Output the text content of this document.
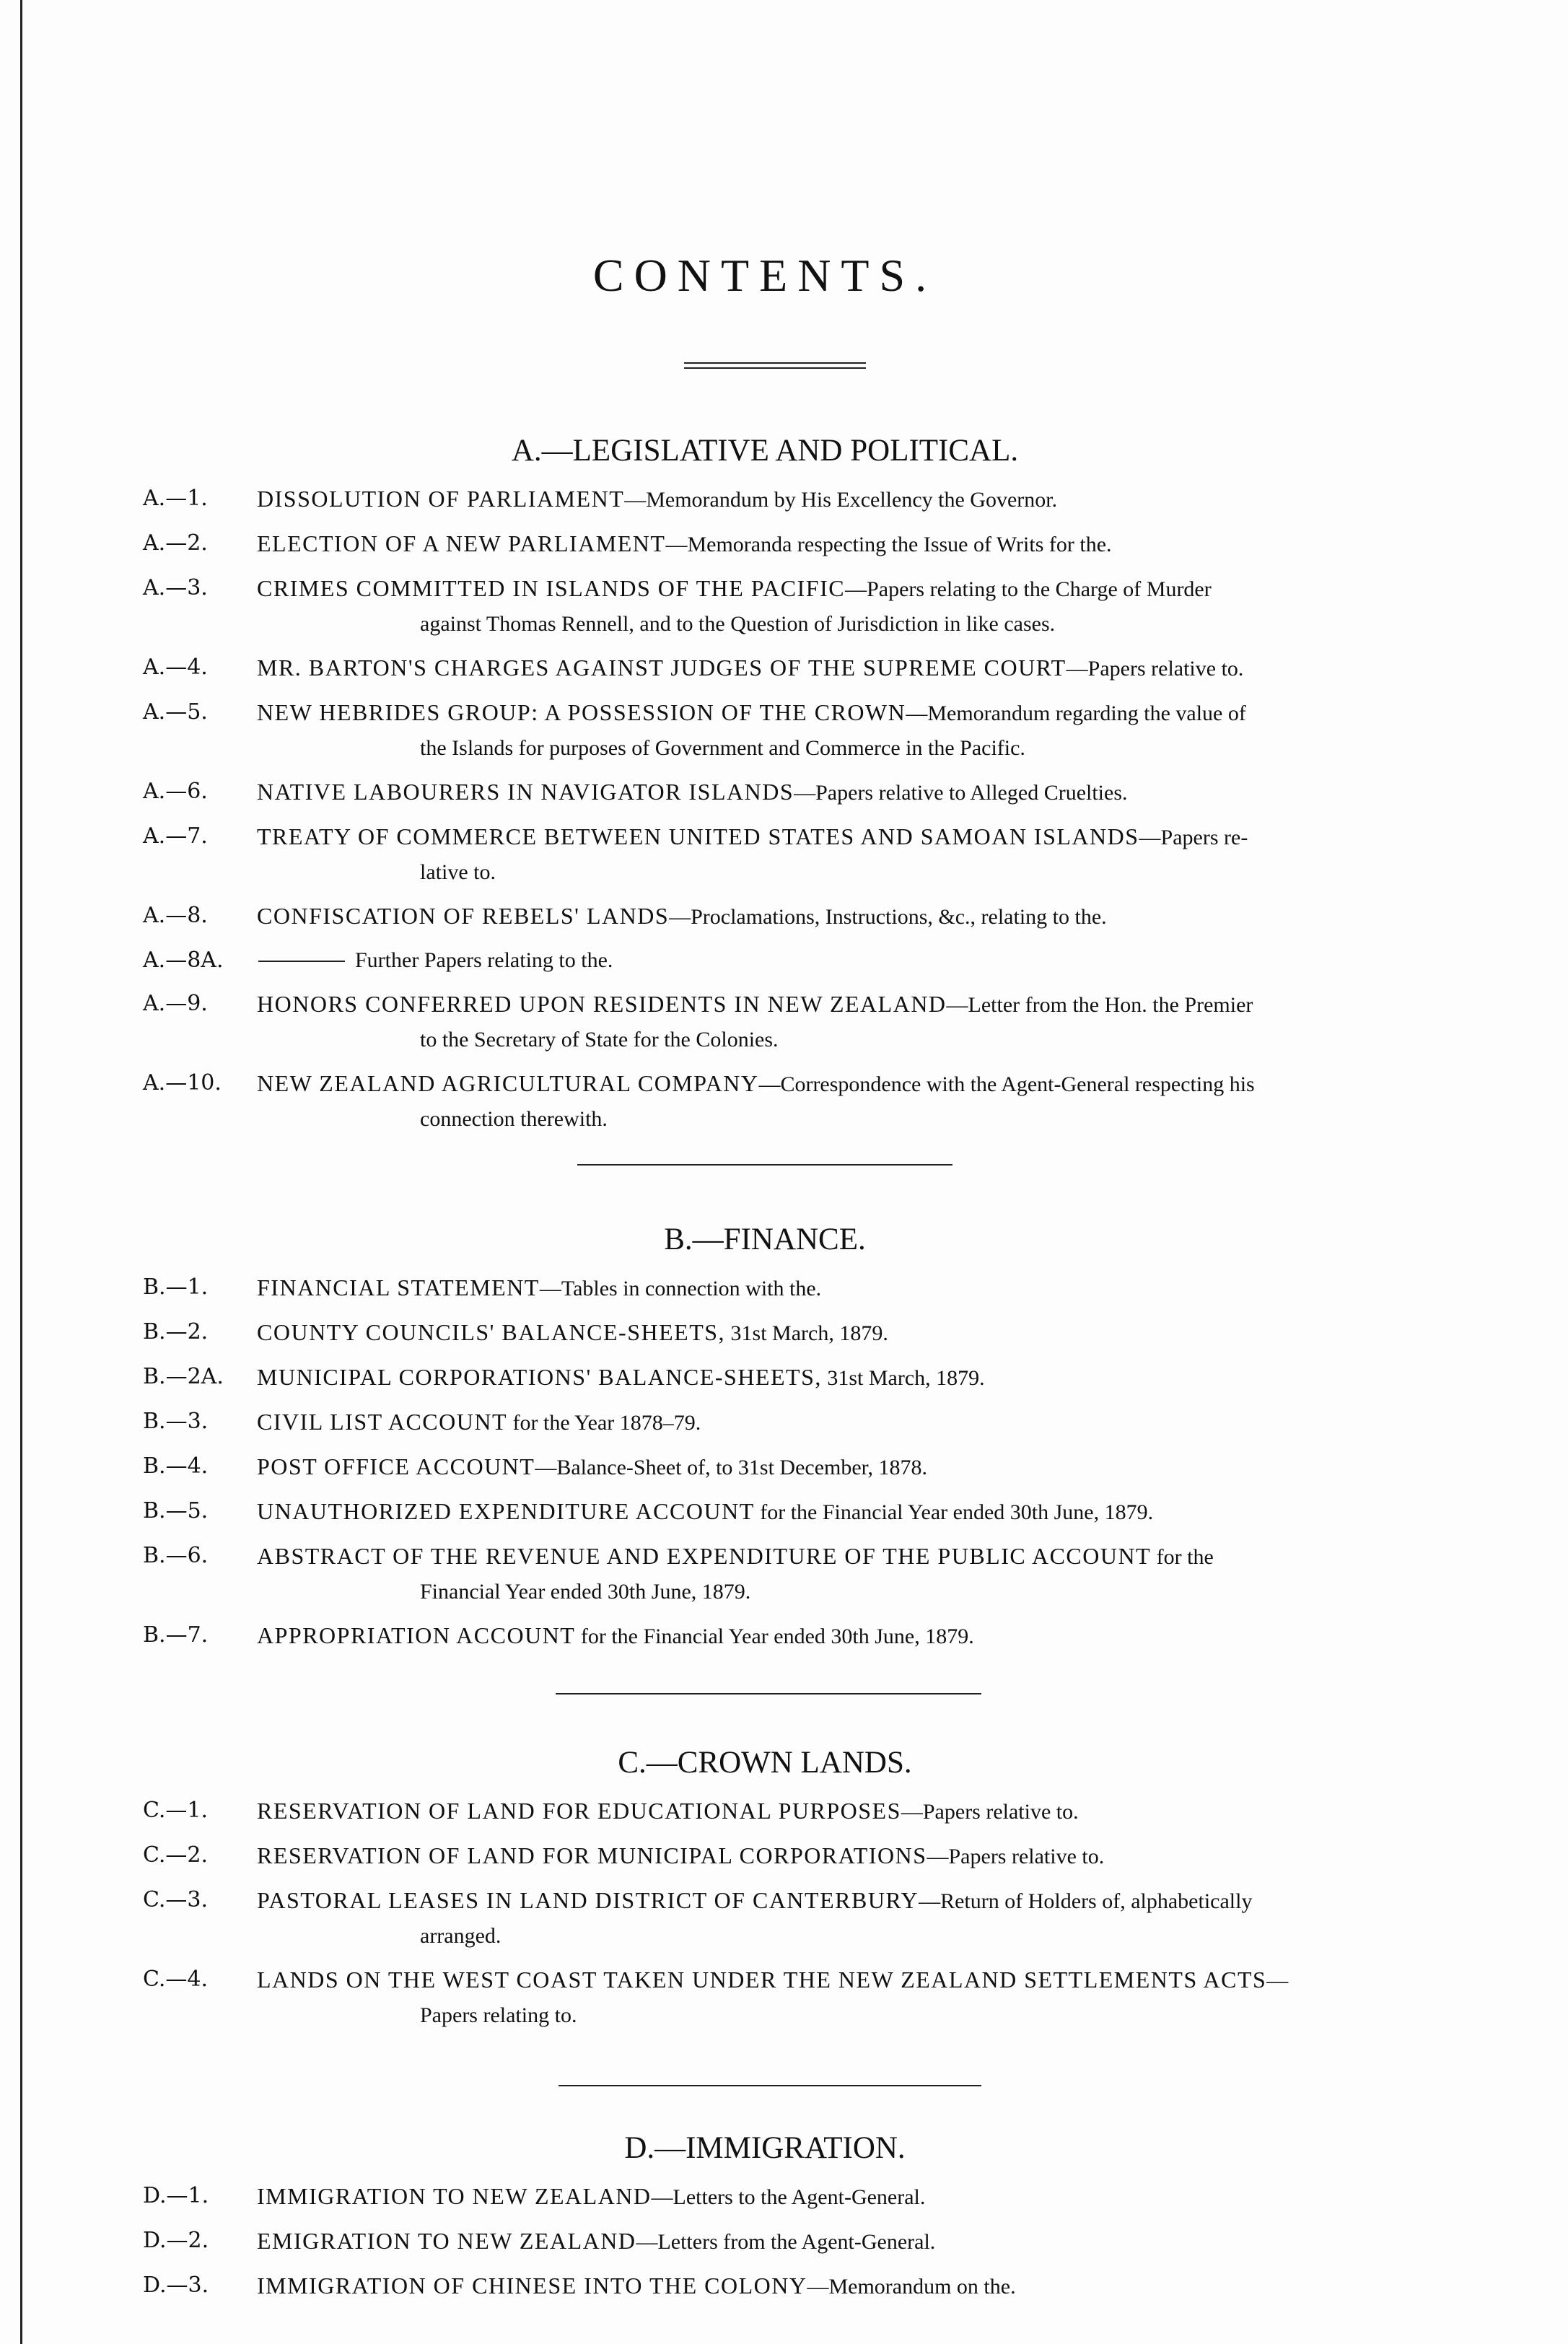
CONTENTS.
A.—LEGISLATIVE AND POLITICAL.
A.—1.	DISSOLUTION OF PARLIAMENT—Memorandum by His Excellency the Governor.
A.—2.	ELECTION OF A NEW PARLIAMENT—Memoranda respecting the Issue of Writs for the.
A.—3.	CRIMES COMMITTED IN ISLANDS OF THE PACIFIC—Papers relating to the Charge of Murder
against Thomas Rennell, and to the Question of Jurisdiction in like cases.
A.—4.	MR. BARTON'S CHARGES AGAINST JUDGES OF THE SUPREME COURT—Papers relative to.
A.—5.	NEW HEBRIDES GROUP: A POSSESSION OF THE CROWN—Memorandum regarding the value of
the Islands for purposes of Government and Commerce in the Pacific.
A.—6.	NATIVE LABOURERS IN NAVIGATOR ISLANDS—Papers relative to Alleged Cruelties.
A.—7.	TREATY OF COMMERCE BETWEEN UNITED STATES AND SAMOAN ISLANDS—Papers re-
lative to.
A.—8.	CONFISCATION OF REBELS' LANDS—Proclamations, Instructions, &c., relating to the.
A.—8A.	Further Papers relating to the.
A.—9.	HONORS CONFERRED UPON RESIDENTS IN NEW ZEALAND—Letter from the Hon. the Premier
to the Secretary of State for the Colonies.
A.—10.	NEW ZEALAND AGRICULTURAL COMPANY—Correspondence with the Agent-General respecting his
connection therewith.
B.—FINANCE.
B.—1.	FINANCIAL STATEMENT—Tables in connection with the.
B.—2.	COUNTY COUNCILS' BALANCE-SHEETS, 31st March, 1879.
B.—2A.	MUNICIPAL CORPORATIONS' BALANCE-SHEETS, 31st March, 1879.
B.—3.	CIVIL LIST ACCOUNT for the Year 1878–79.
B.—4.	POST OFFICE ACCOUNT—Balance-Sheet of, to 31st December, 1878.
B.—5.	UNAUTHORIZED EXPENDITURE ACCOUNT for the Financial Year ended 30th June, 1879.
B.—6.	ABSTRACT OF THE REVENUE AND EXPENDITURE OF THE PUBLIC ACCOUNT for the
Financial Year ended 30th June, 1879.
B.—7.	APPROPRIATION ACCOUNT for the Financial Year ended 30th June, 1879.
C.—CROWN LANDS.
C.—1.	RESERVATION OF LAND FOR EDUCATIONAL PURPOSES—Papers relative to.
C.—2.	RESERVATION OF LAND FOR MUNICIPAL CORPORATIONS—Papers relative to.
C.—3.	PASTORAL LEASES IN LAND DISTRICT OF CANTERBURY—Return of Holders of, alphabetically
arranged.
C.—4.	LANDS ON THE WEST COAST TAKEN UNDER THE NEW ZEALAND SETTLEMENTS ACTS—
Papers relating to.
D.—IMMIGRATION.
D.—1.	IMMIGRATION TO NEW ZEALAND—Letters to the Agent-General.
D.—2.	EMIGRATION TO NEW ZEALAND—Letters from the Agent-General.
D.—3.	IMMIGRATION OF CHINESE INTO THE COLONY—Memorandum on the.
